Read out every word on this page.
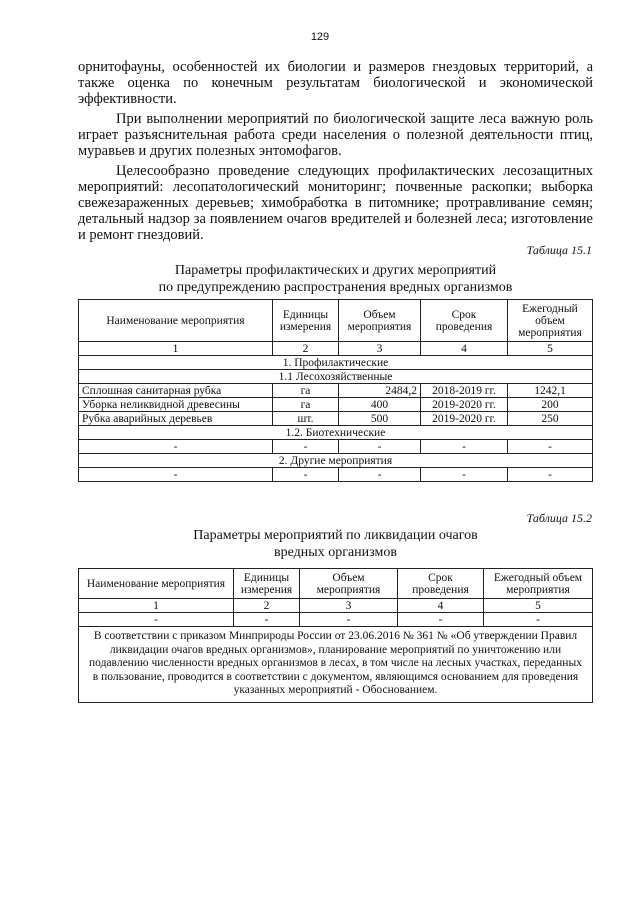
129

орнитофауны, особенностей их биологии и размеров гнездовых территорий, а также оценка по конечным результатам биологической и экономической эффективности.

При выполнении мероприятий по биологической защите леса важную роль играет разъяснительная работа среди населения о полезной деятельности птиц, муравьев и других полезных энтомофагов.

Целесообразно проведение следующих профилактических лесозащитных мероприятий: лесопатологический мониторинг; почвенные раскопки; выборка свежезараженных деревьев; химобработка в питомнике; протравливание семян; детальный надзор за появлением очагов вредителей и болезней леса; изготовление и ремонт гнездовий.

Таблица 15.1
Параметры профилактических и других мероприятий
по предупреждению распространения вредных организмов
Наименование мероприятия	Единицы измерения	Объем мероприятия	Срок проведения	Ежегодный объем мероприятия
1	2	3	4	5
1. Профилактические				
1.1 Лесохозяйственные				
Сплошная санитарная рубка	га	2484,2	2018-2019 гг.	1242,1
Уборка неликвидной древесины	га	400	2019-2020 гг.	200
Рубка аварийных деревьев	шт.	500	2019-2020 гг.	250
1.2. Биотехнические				
-	-	-	-	-
2. Другие мероприятия				
-	-	-	-	-
Таблица 15.2
Параметры мероприятий по ликвидации очагов
вредных организмов
Наименование мероприятия	Единицы измерения	Объем мероприятия	Срок проведения	Ежегодный объем мероприятия
1	2	3	4	5
-	-	-	-	-
В соответствии с приказом Минприроды России от 23.06.2016 № 361 № «Об утверждении Правил ликвидации очагов вредных организмов», планирование мероприятий по уничтожению или подавлению численности вредных организмов в лесах, в том числе на лесных участках, переданных в пользование, проводится в соответствии с документом, являющимся основанием для проведения указанных мероприятий - Обоснованием.				
